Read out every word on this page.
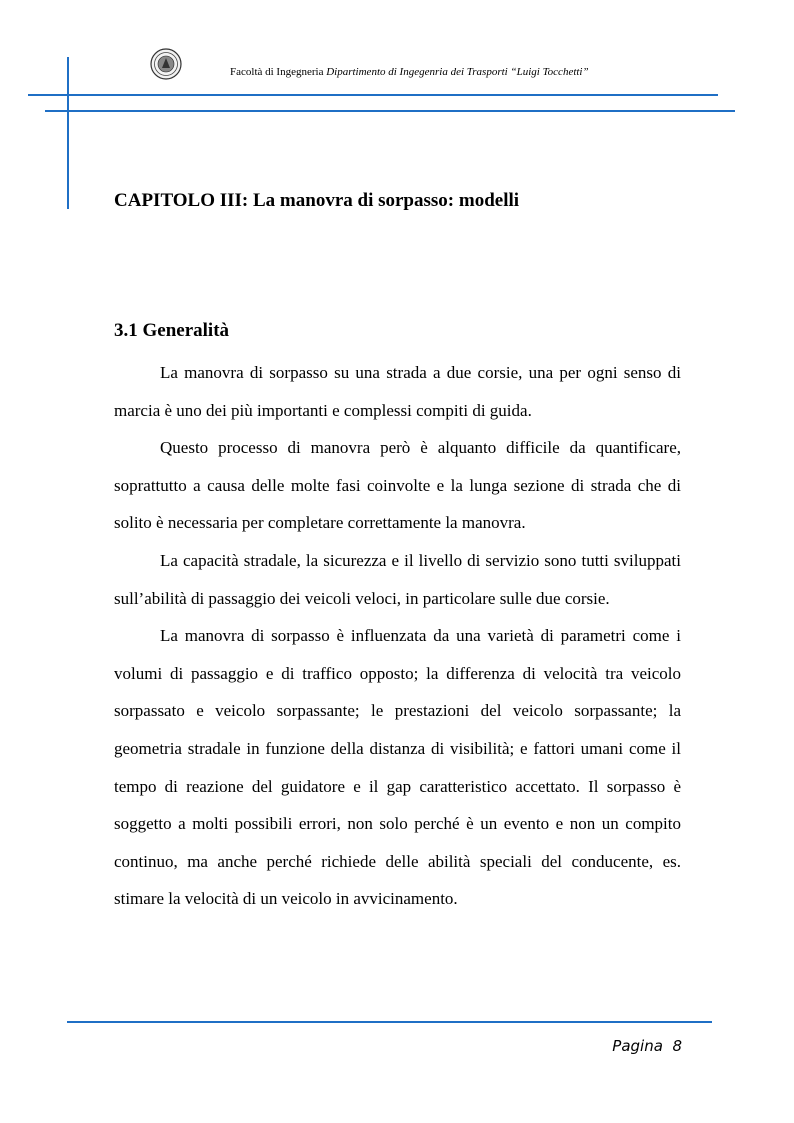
Facoltà di Ingegneria Dipartimento di Ingegenria dei Trasporti “Luigi Tocchetti”
CAPITOLO III: La manovra di sorpasso: modelli
3.1 Generalità

La manovra di sorpasso su una strada a due corsie, una per ogni senso di marcia è uno dei più importanti e complessi compiti di guida.

Questo processo di manovra però è alquanto difficile da quantificare, soprattutto a causa delle molte fasi coinvolte e la lunga sezione di strada che di solito è necessaria per completare correttamente la manovra.

La capacità stradale, la sicurezza e il livello di servizio sono tutti sviluppati sull’abilità di passaggio dei veicoli veloci, in particolare sulle due corsie.

La manovra di sorpasso è influenzata da una varietà di parametri come i volumi di passaggio e di traffico opposto; la differenza di velocità tra veicolo sorpassato e veicolo sorpassante; le prestazioni del veicolo sorpassante; la geometria stradale in funzione della distanza di visibilità; e fattori umani come il tempo di reazione del guidatore e il gap caratteristico accettato. Il sorpasso è soggetto a molti possibili errori, non solo perché è un evento e non un compito continuo, ma anche perché richiede delle abilità speciali del conducente, es. stimare la velocità di un veicolo in avvicinamento.

Pagina 8
